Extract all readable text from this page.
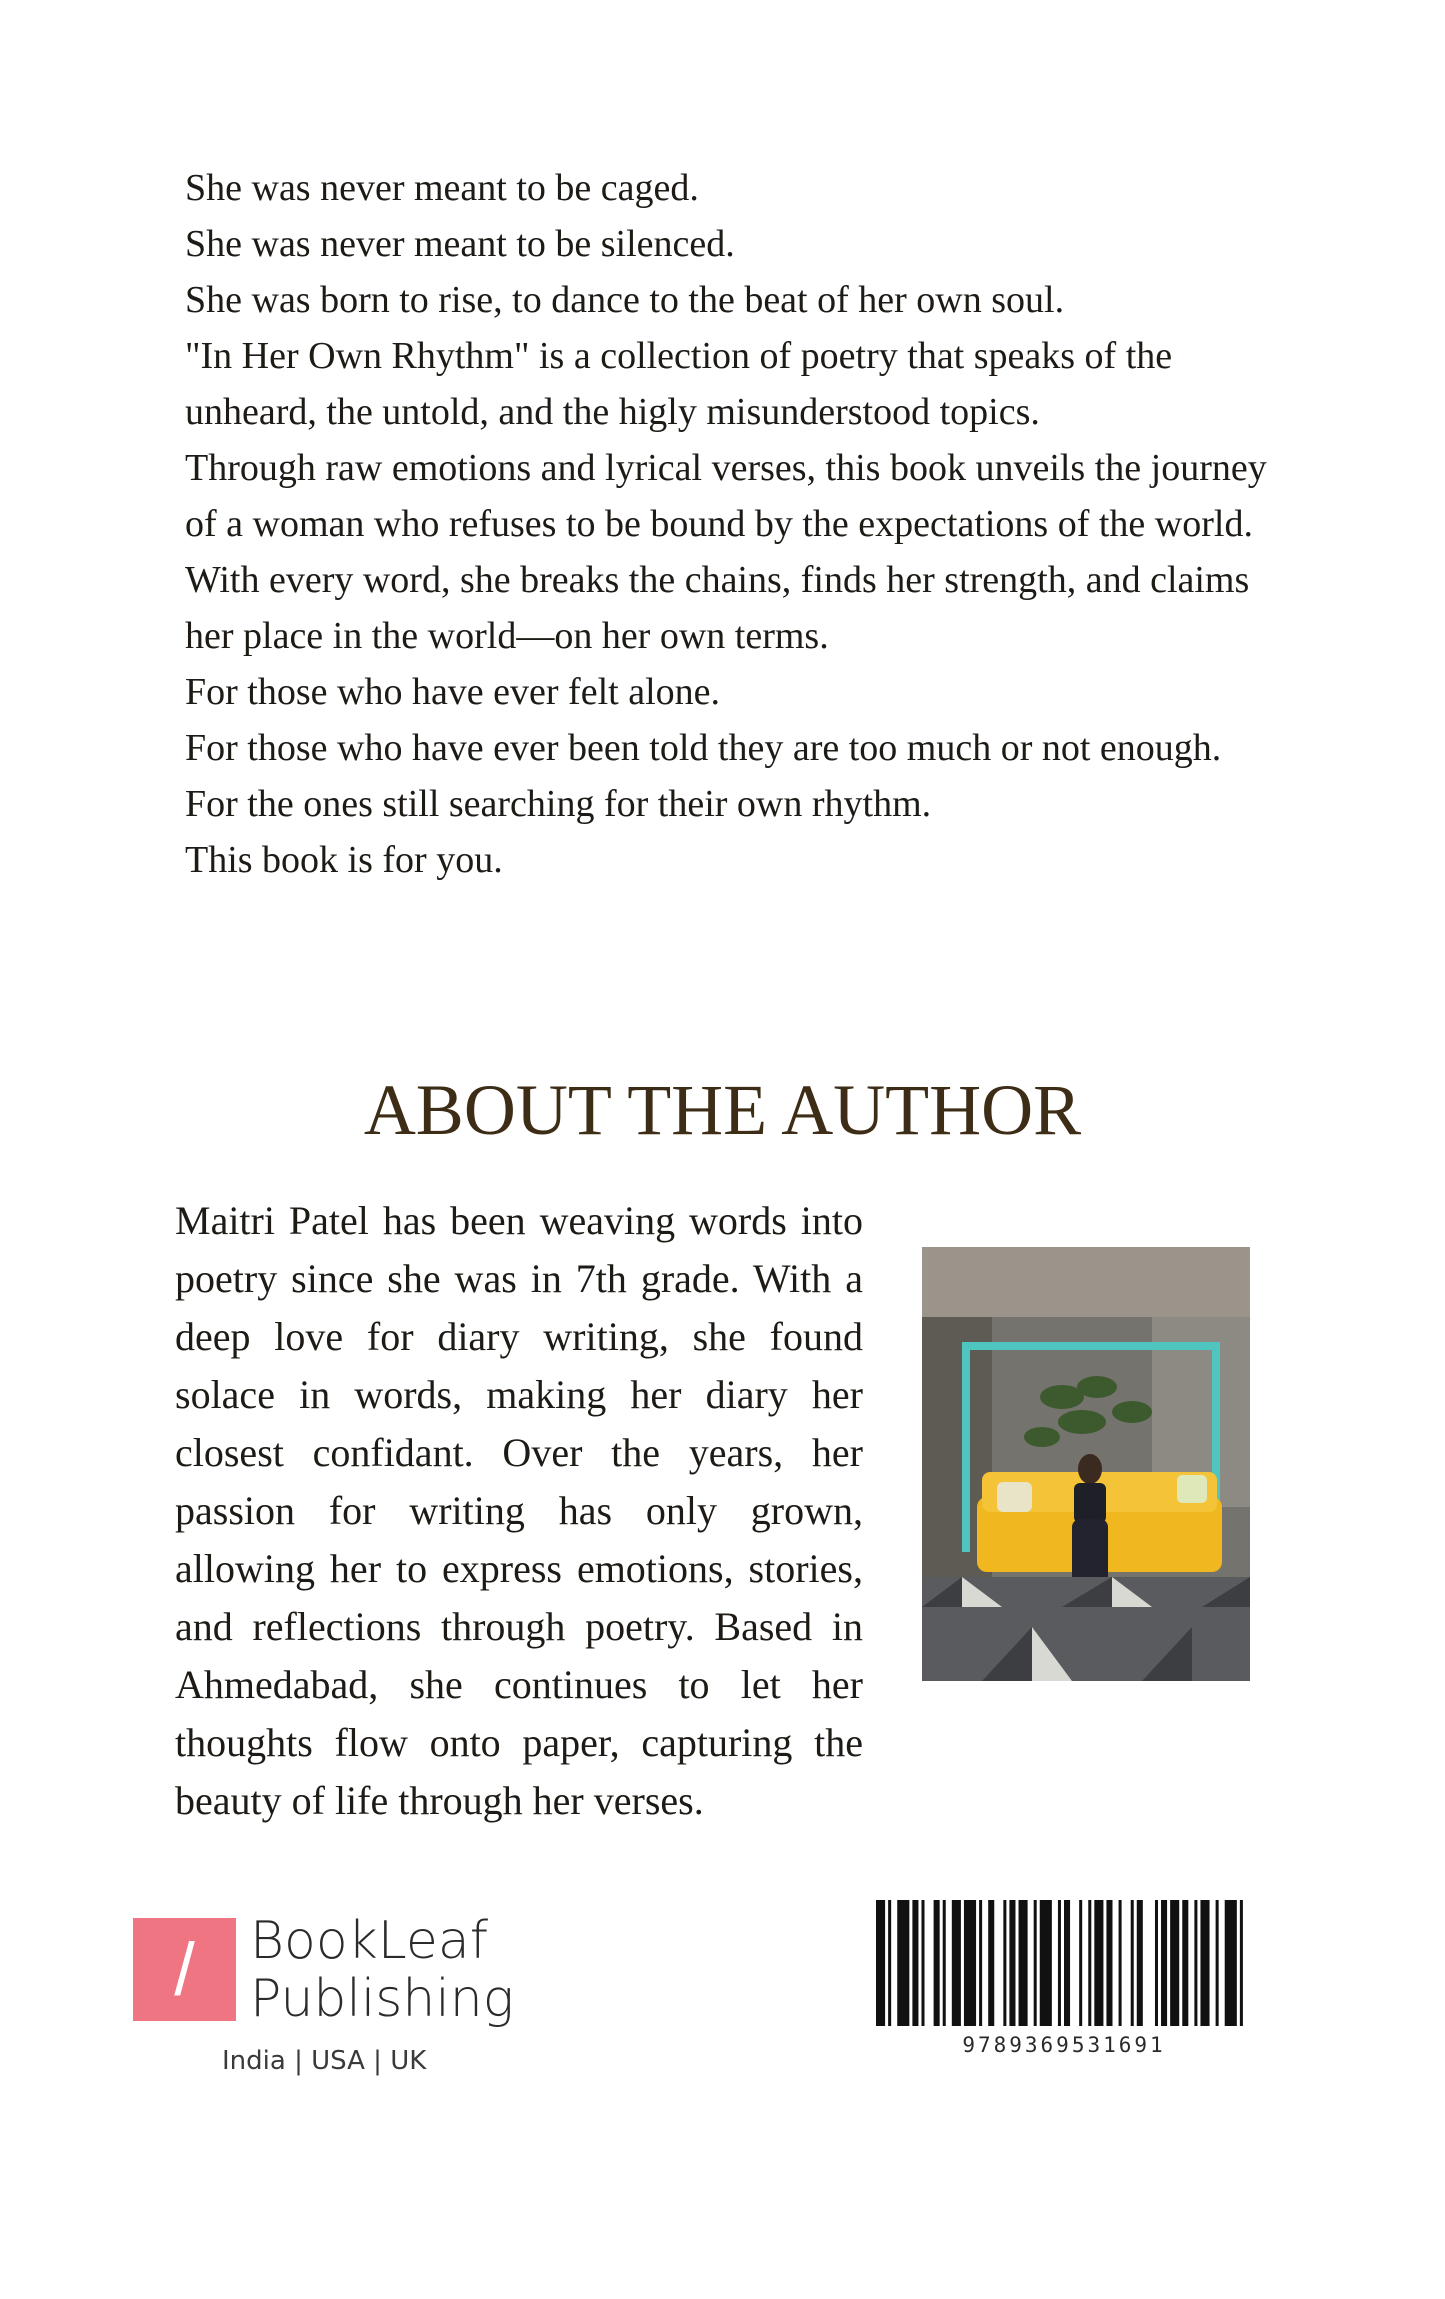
She was never meant to be caged.

She was never meant to be silenced.

She was born to rise, to dance to the beat of her own soul.

"In Her Own Rhythm" is a collection of poetry that speaks of the unheard, the untold, and the higly misunderstood topics.

Through raw emotions and lyrical verses, this book unveils the journey of a woman who refuses to be bound by the expectations of the world.

With every word, she breaks the chains, finds her strength, and claims her place in the world—on her own terms.

For those who have ever felt alone.

For those who have ever been told they are too much or not enough.

For the ones still searching for their own rhythm.

This book is for you.

ABOUT THE AUTHOR

Maitri Patel has been weaving words into poetry since she was in 7th grade. With a deep love for diary writing, she found solace in words, making her diary her closest confidant. Over the years, her passion for writing has only grown, allowing her to express emotions, stories, and reflections through poetry. Based in Ahmedabad, she continues to let her thoughts flow onto paper, capturing the beauty of life through her verses.

/	BookLeaf
Publishing
India | USA | UK
9789369531691
